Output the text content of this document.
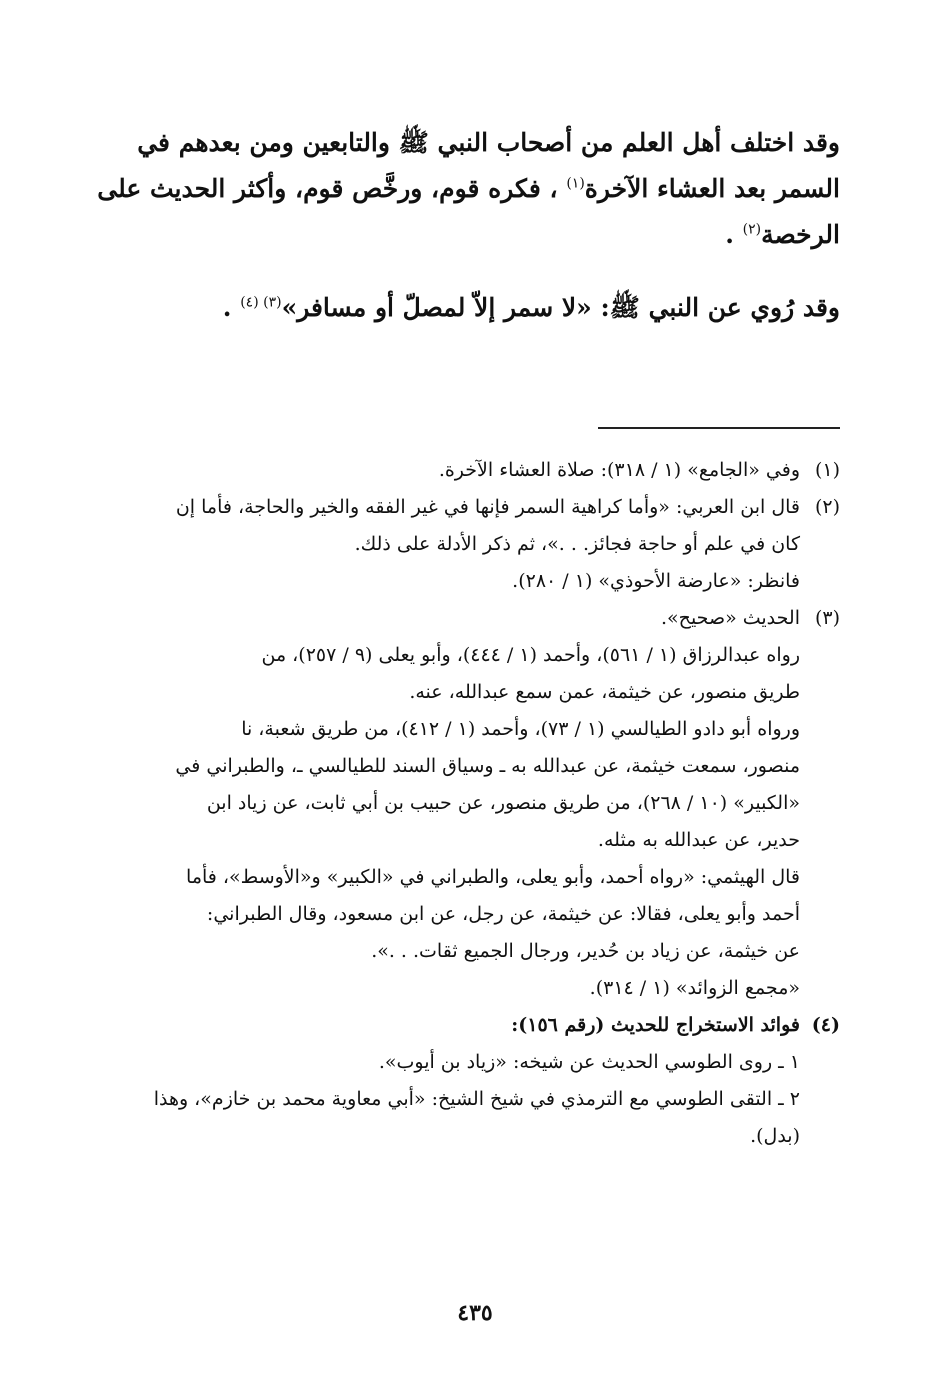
وقد اختلف أهل العلم من أصحاب النبي ﷺ والتابعين ومن بعدهم في
السمر بعد العشاء الآخرة$^{(١)}$ ، فكره قوم، ورخَّص قوم، وأكثر الحديث على
الرخصة$^{(٢)}$ .
وقد رُوي عن النبي ﷺ: «لا سمر إلاّ لمصلّ أو مسافر»$^{(٣) (٤)}$ .
(١)
وفي «الجامع» (١ / ٣١٨): صلاة العشاء الآخرة.
(٢)
قال ابن العربي: «وأما كراهية السمر فإنها في غير الفقه والخير والحاجة، فأما إن
كان في علم أو حاجة فجائز. . .»، ثم ذكر الأدلة على ذلك.
فانظر: «عارضة الأحوذي» (١ / ٢٨٠).
(٣)
الحديث «صحيح».
رواه عبدالرزاق (١ / ٥٦١)، وأحمد (١ / ٤٤٤)، وأبو يعلى (٩ / ٢٥٧)، من
طريق منصور، عن خيثمة، عمن سمع عبدالله، عنه.
ورواه أبو دادو الطيالسي (١ / ٧٣)، وأحمد (١ / ٤١٢)، من طريق شعبة، نا
منصور، سمعت خيثمة، عن عبدالله به ـ وسياق السند للطيالسي ـ، والطبراني في
«الكبير» (١٠ / ٢٦٨)، من طريق منصور، عن حبيب بن أبي ثابت، عن زياد ابن
حدير، عن عبدالله به مثله.
قال الهيثمي: «رواه أحمد، وأبو يعلى، والطبراني في «الكبير» و«الأوسط»، فأما
أحمد وأبو يعلى، فقالا: عن خيثمة، عن رجل، عن ابن مسعود، وقال الطبراني:
عن خيثمة، عن زياد بن حُدير، ورجال الجميع ثقات. . .».
«مجمع الزوائد» (١ / ٣١٤).
(٤)
فوائد الاستخراج للحديث (رقم ١٥٦):
١ ـ روى الطوسي الحديث عن شيخه: «زياد بن أيوب».
٢ ـ التقى الطوسي مع الترمذي في شيخ الشيخ: «أبي معاوية محمد بن خازم»، وهذا
(بدل).
٤٣٥
